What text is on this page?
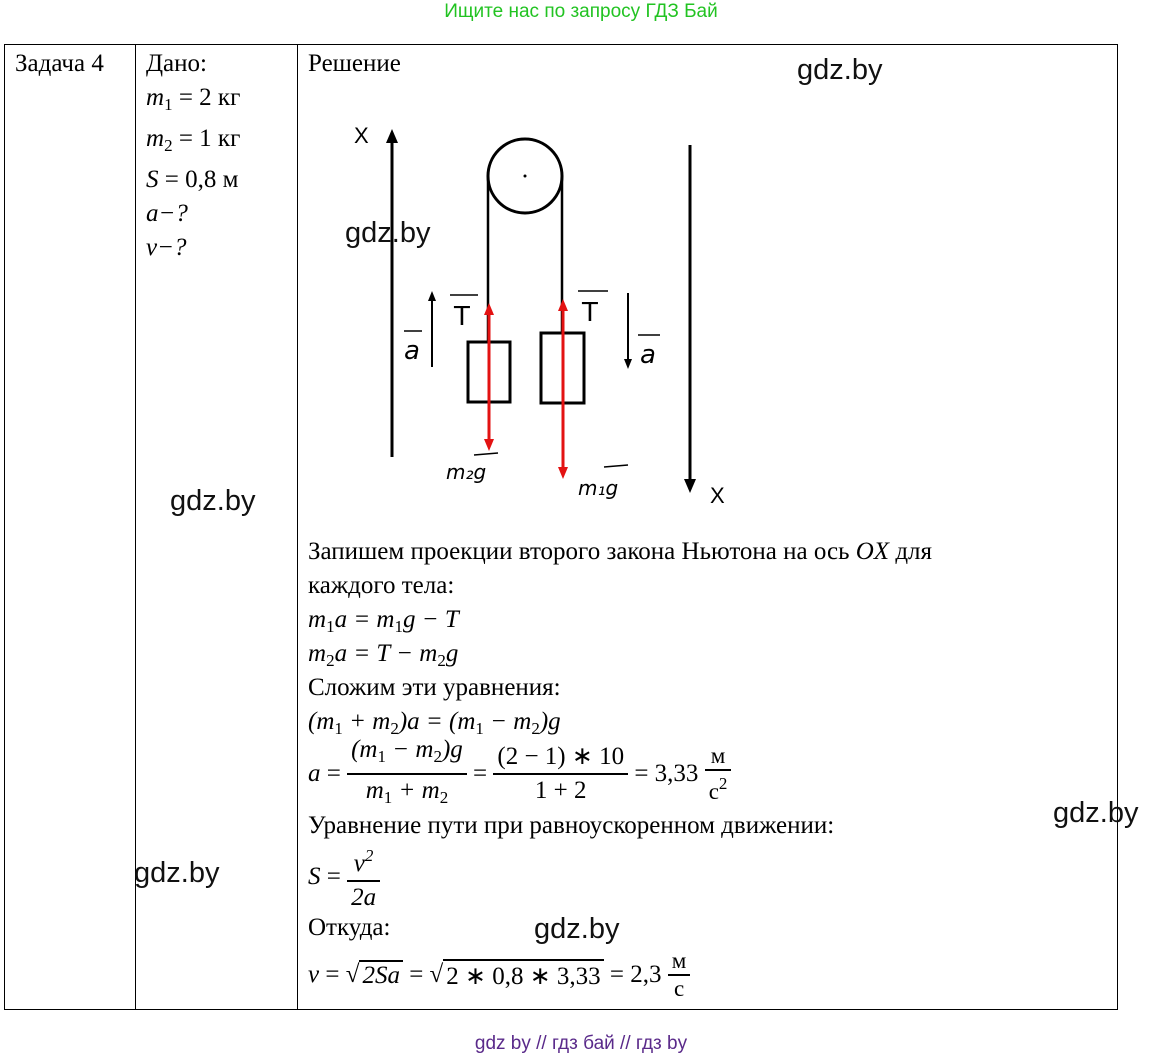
Ищите нас по запросу ГДЗ Бай
Задача 4	Дано:
$m_1 = 2$ кг
$m_2 = 1$ кг
S = 0,8 м
a−?
v−?

Решение
X
X
a
T	T
a
m₂g
m₁g
Запишем проекции второго закона Ньютона на ось OX для
каждого тела:
$m_1a = m_1g - T$
$m_2a = T - m_2g$
Сложим эти уравнения:
$(m_1 + m_2)a = (m_1 - m_2)g$
$a = \frac{(m_1 - m_2)g}{m_1 + m_2} = \frac{(2 - 1) ∗ 10}{1 + 2}$
= 3,33
$\frac{м}{с^2}$
Уравнение пути при равноускоренном движении:
$S = \frac{v^2}{2a}$
Откуда:
v = √ 2Sa = √ 2 ∗ 0,8 ∗ 3,33
= 2,3
$\frac{м}{с}$
gdz.by
gdz.by
gdz.by
gdz.by
gdz.by
gdz.by
gdz by // гдз бай // гдз by
